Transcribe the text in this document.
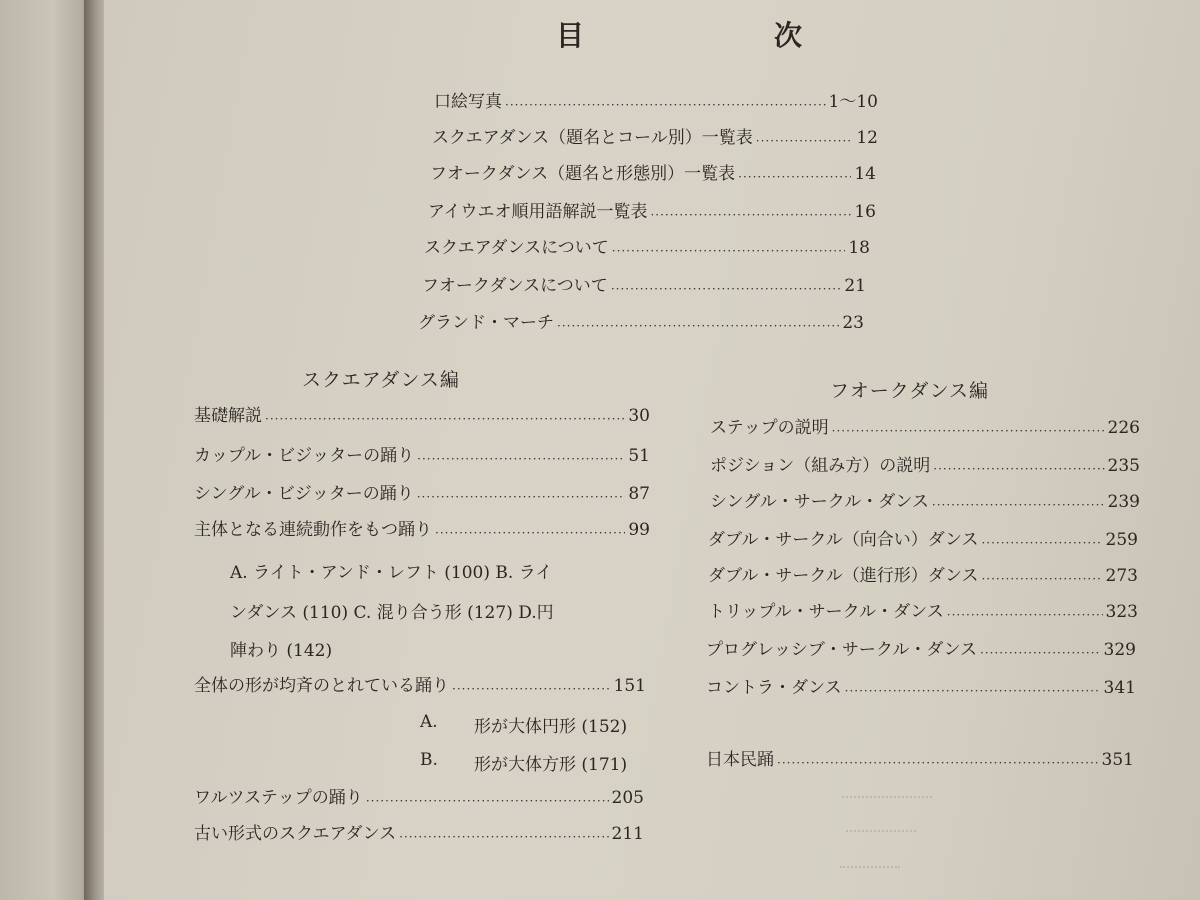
目	次
口絵写真 ·····	1〜10
スクエアダンス（題名とコール別）一覧表 ·····	12
フオークダンス（題名と形態別）一覧表 ·····	14
アイウエオ順用語解説一覧表 ·····	16
スクエアダンスについて ·····	18
フオークダンスについて ·····	21
グランド・マーチ ·····	23
スクエアダンス編
基礎解説 ·····	30
カップル・ビジッターの踊り ·····	51
シングル・ビジッターの踊り ·····	87
主体となる連続動作をもつ踊り ·····	99
A. ライト・アンド・レフト (100) B. ライ
ンダンス (110) C. 混り合う形 (127) D.円
陣わり (142)
全体の形が均斉のとれている踊り ·····	151
A. 形が大体円形 (152)
B. 形が大体方形 (171)
ワルツステップの踊り ·····	205
古い形式のスクエアダンス ·····	211
フオークダンス編
ステップの説明 ·····	226
ポジション（組み方）の説明 ·····	235
シングル・サークル・ダンス ·····	239
ダブル・サークル（向合い）ダンス ·····	259
ダブル・サークル（進行形）ダンス ·····	273
トリップル・サークル・ダンス ·····	323
プログレッシブ・サークル・ダンス ·····	329
コントラ・ダンス ·····	341
日本民踊 ·····	351
